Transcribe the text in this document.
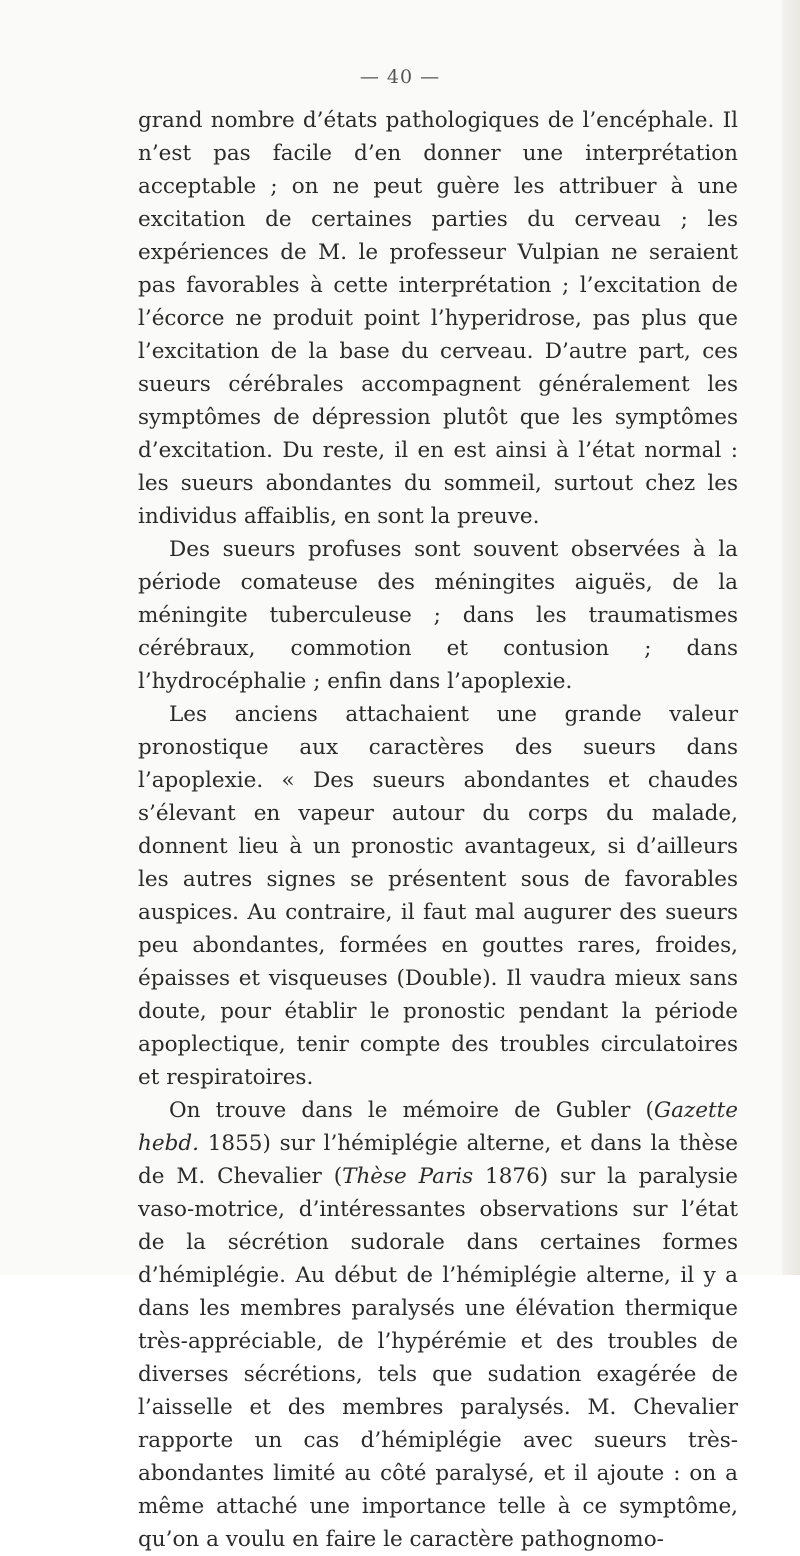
— 40 —

grand nombre d’états pathologiques de l’encéphale. Il n’est pas facile d’en donner une interprétation acceptable ; on ne peut guère les attribuer à une excitation de certaines parties du cerveau ; les expériences de M. le professeur Vulpian ne seraient pas favorables à cette interprétation ; l’excitation de l’écorce ne produit point l’hyperidrose, pas plus que l’excitation de la base du cerveau. D’autre part, ces sueurs cérébrales accompagnent généralement les symptômes de dépression plutôt que les symptômes d’excitation. Du reste, il en est ainsi à l’état normal : les sueurs abondantes du sommeil, surtout chez les individus affaiblis, en sont la preuve.

Des sueurs profuses sont souvent observées à la période comateuse des méningites aiguës, de la méningite tuberculeuse ; dans les traumatismes cérébraux, commotion et contusion ; dans l’hydrocéphalie ; enfin dans l’apoplexie.

Les anciens attachaient une grande valeur pronostique aux caractères des sueurs dans l’apoplexie. « Des sueurs abondantes et chaudes s’élevant en vapeur autour du corps du malade, donnent lieu à un pronostic avantageux, si d’ailleurs les autres signes se présentent sous de favorables auspices. Au contraire, il faut mal augurer des sueurs peu abondantes, formées en gouttes rares, froides, épaisses et visqueuses (Double). Il vaudra mieux sans doute, pour établir le pronostic pendant la période apoplectique, tenir compte des troubles circulatoires et respiratoires.

On trouve dans le mémoire de Gubler (Gazette hebd. 1855) sur l’hémiplégie alterne, et dans la thèse de M. Chevalier (Thèse Paris 1876) sur la paralysie vaso-motrice, d’intéressantes observations sur l’état de la sécrétion sudorale dans certaines formes d’hémiplégie. Au début de l’hémiplégie alterne, il y a dans les membres paralysés une élévation thermique très-appréciable, de l’hypérémie et des troubles de diverses sécrétions, tels que sudation exagérée de l’aisselle et des membres paralysés. M. Chevalier rapporte un cas d’hémiplégie avec sueurs très-abondantes limité au côté paralysé, et il ajoute : on a même attaché une importance telle à ce symptôme, qu’on a voulu en faire le caractère pathognomo-
